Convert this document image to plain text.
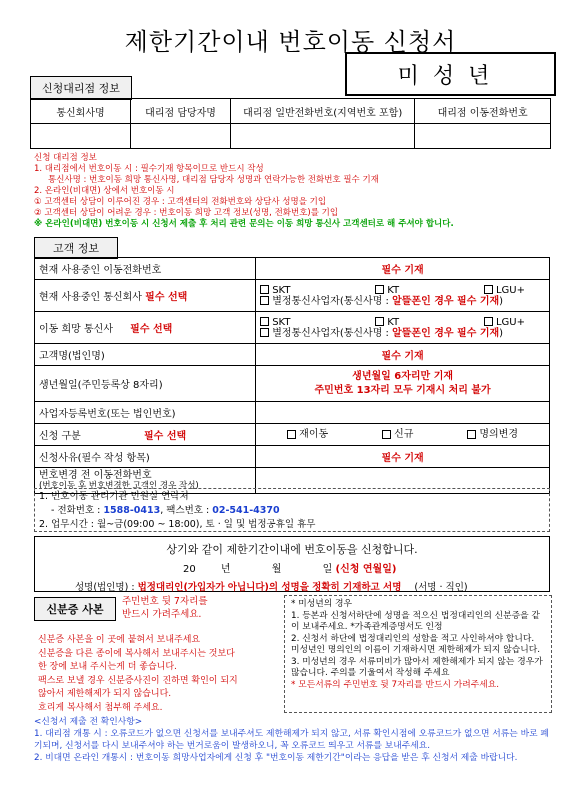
제한기간이내 번호이동 신청서
미성년
신청대리점 정보
통신회사명	대리점 담당자명	대리점 일반전화번호(지역번호 포함)	대리점 이동전화번호

신청 대리점 정보
1. 대리점에서 번호이동 시 : 필수기재 항목이므로 반드시 작성
통신사명 : 번호이동 희망 통신사명, 대리점 담당자 성명과 연락가능한 전화번호 필수 기재
2. 온라인(비대면) 상에서 번호이동 시
① 고객센터 상담이 이루어진 경우 : 고객센터의 전화번호와 상담사 성명을 기입
② 고객센터 상담이 어려운 경우 : 번호이동 희망 고객 정보(성명, 전화번호)를 기입
※ 온라인(비대면) 번호이동 시 신청서 제출 후 처리 관련 문의는 이동 희망 통신사 고객센터로 해 주셔야 합니다.
고객 정보
현재 사용중인 이동전화번호	필수 기재
현재 사용중인 통신회사 필수 선택	SKT KT LGU+
별정통신사업자(통신사명 : 알뜰폰인 경우 필수 기재)

이동 희망 통신사 필수 선택	SKT KT LGU+
별정통신사업자(통신사명 : 알뜰폰인 경우 필수 기재)

고객명(법인명)	필수 기재
생년월일(주민등록상 8자리)	생년월일 6자리만 기재
주민번호 13자리 모두 기재시 처리 불가

사업자등록번호(또는 법인번호)	
신청 구분 필수 선택	재이동 신규 명의변경

신청사유(필수 작성 항목)	필수 기재

번호변경 전 이동전화번호
(번호이동 후 번호변경한 고객인 경우 작성)	

1. 번호이동 관리기관 민원실 연락처
- 전화번호 : 1588-0413, 팩스번호 : 02-541-4370
2. 업무시간 : 월~금(09:00 ~ 18:00), 토 · 일 및 법정공휴일 휴무
상기와 같이 제한기간이내에 번호이동을 신청합니다.
20	년	월	일 (신청 연월일)
성명(법인명) : 법정대리인(가입자가 아닙니다)의 성명을 정확히 기재하고 서명 (서명 · 직인)
신분증 사본
주민번호 뒷 7자리를
반드시 가려주세요.
신분증 사본을 이 곳에 붙혀서 보내주세요
신분증을 다른 종이에 복사해서 보내주시는 것보다
한 장에 보내 주시는게 더 좋습니다.
팩스로 보낼 경우 신분증사진이 진하면 확인이 되지
않아서 제한해제가 되지 않습니다.
흐리게 복사해서 첨부해 주세요.
* 미성년의 경우
1. 등본과 신청서하단에 성명을 적으신 법정대리인의 신분증을 같이 보내주세요. *가족관계증명서도 인정
2. 신청서 하단에 법정대리인의 성함을 적고 사인하셔야 합니다. 미성년인 명의인의 이름이 기재하시면 제한해제가 되지 않습니다.
3. 미성년의 경우 서류미비가 많아서 제한해제가 되지 않는 경우가 많습니다. 주의를 기울여서 작성해 주세요
* 모든서류의 주민번호 뒷 7자리를 반드시 가려주세요.
<신청서 제출 전 확인사항>
1. 대리점 개통 시 : 오류코드가 없으면 신청서를 보내주셔도 제한해제가 되지 않고, 서류 확인시점에 오류코드가 없으면 서류는 바로 폐기되며, 신청서를 다시 보내주셔야 하는 번거로움이 발생하오니, 꼭 오류코드 띄우고 서류를 보내주세요.
2. 비대면 온라인 개통시 : 번호이동 희망사업자에게 신청 후 "번호이동 제한기간"이라는 응답을 받은 후 신청서 제출 바랍니다.
